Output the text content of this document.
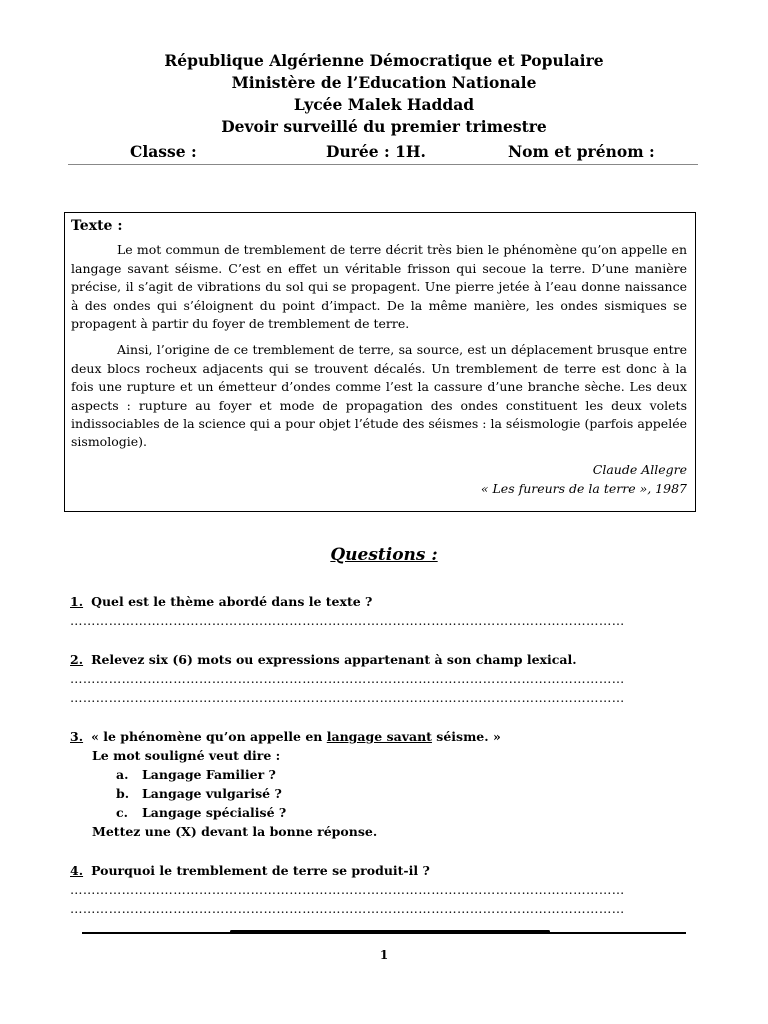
République Algérienne Démocratique et Populaire
Ministère de l’Education Nationale
Lycée Malek Haddad
Devoir surveillé du premier trimestre
Classe :	Durée : 1H.	Nom et prénom :
Texte :

Le mot commun de tremblement de terre décrit très bien le phénomène qu’on appelle en langage savant séisme. C’est en effet un véritable frisson qui secoue la terre. D’une manière précise, il s’agit de vibrations du sol qui se propagent. Une pierre jetée à l’eau donne naissance à des ondes qui s’éloignent du point d’impact. De la même manière, les ondes sismiques se propagent à partir du foyer de tremblement de terre.

Ainsi, l’origine de ce tremblement de terre, sa source, est un déplacement brusque entre deux blocs rocheux adjacents qui se trouvent décalés. Un tremblement de terre est donc à la fois une rupture et un émetteur d’ondes comme l’est la cassure d’une branche sèche. Les deux aspects : rupture au foyer et mode de propagation des ondes constituent les deux volets indissociables de la science qui a pour objet l’étude des séismes : la séismologie (parfois appelée sismologie).

Claude Allegre
« Les fureurs de la terre », 1987
Questions :
1. Quel est le thème abordé dans le texte ?
…………………………………………………………………………………………………………………
2. Relevez six (6) mots ou expressions appartenant à son champ lexical.
…………………………………………………………………………………………………………………
…………………………………………………………………………………………………………………
3. « le phénomène qu’on appelle en langage savant séisme. »
Le mot souligné veut dire :
a. Langage Familier ?
b. Langage vulgarisé ?
c. Langage spécialisé ?
Mettez une (X) devant la bonne réponse.
4. Pourquoi le tremblement de terre se produit-il ?
…………………………………………………………………………………………………………………
…………………………………………………………………………………………………………………
1
